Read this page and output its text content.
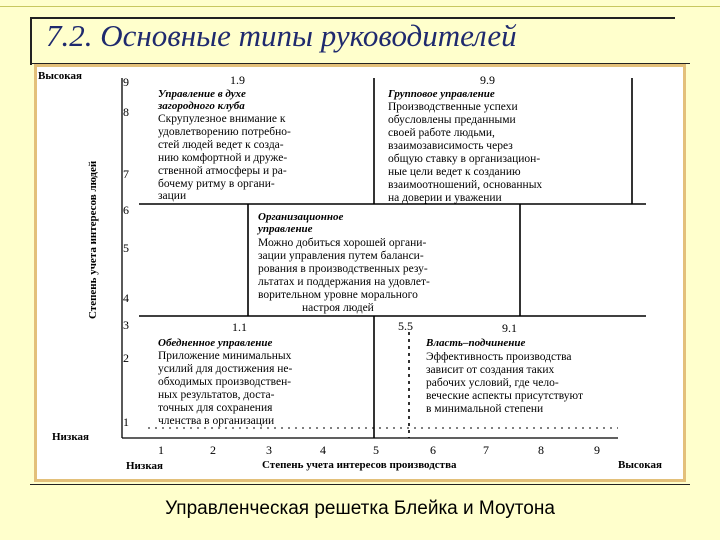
7.2. Основные типы руководителей
Высокая
Низкая
Степень учета интересов людей
9
8
7
6
5
4
3
2
1
1	2	3	4	5	6	7	8	9
Низкая	Степень учета интересов производства	Высокая
1.9
Управление в духе
загородного клуба
Скрупулезное внимание к
удовлетворению потребно-
стей людей ведет к созда-
нию комфортной и друже-
ственной атмосферы и ра-
бочему ритму в органи-
зации
9.9
Групповое управление
Производственные успехи
обусловлены преданными
своей работе людьми,
взаимозависимость через
общую ставку в организацион-
ные цели ведет к созданию
взаимоотношений, основанных
на доверии и уважении
Организационное
управление
Можно добиться хорошей органи-
зации управления путем баланси-
рования в производственных резу-
льтатах и поддержания на удовлет-
ворительном уровне морального
настроя людей
5.5
1.1
Обедненное управление
Приложение минимальных
усилий для достижения не-
обходимых производствен-
ных результатов, доста-
точных для сохранения
членства в организации
9.1
Власть–подчинение
Эффективность производства
зависит от создания таких
рабочих условий, где чело-
веческие аспекты присутствуют
в минимальной степени
Управленческая решетка Блейка и Моутона
